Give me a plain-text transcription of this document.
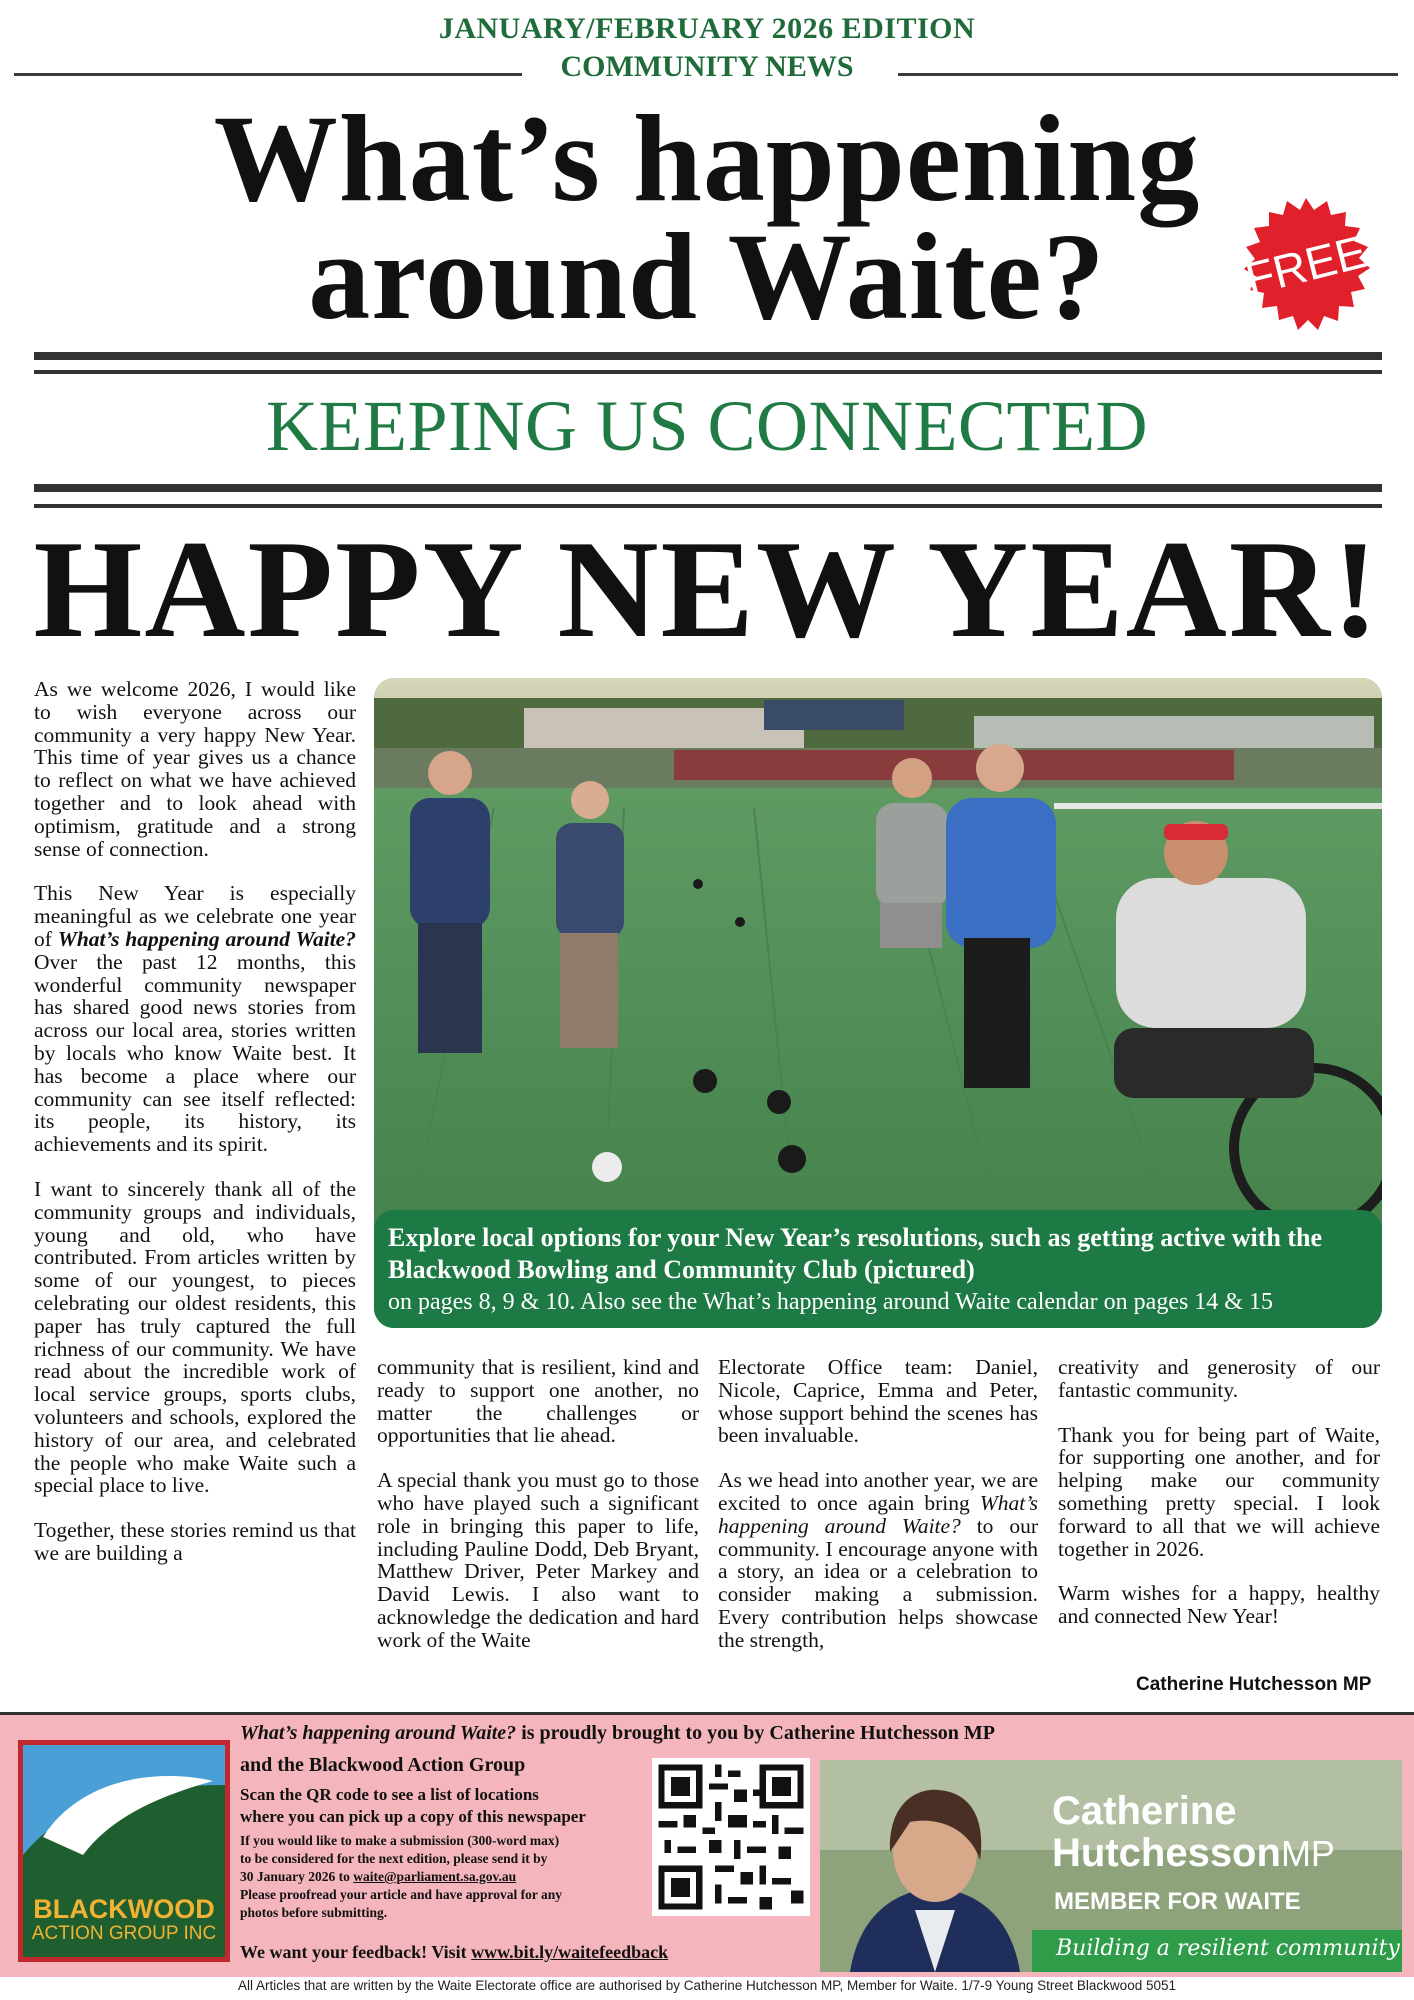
JANUARY/FEBRUARY 2026 EDITION
COMMUNITY NEWS
What’s happening
around Waite?	FREE
KEEPING US CONNECTED
HAPPY NEW YEAR!

As we welcome 2026, I would like to wish everyone across our community a very happy New Year. This time of year gives us a chance to reflect on what we have achieved together and to look ahead with optimism, gratitude and a strong sense of connection.

This New Year is especially meaningful as we celebrate one year of What’s happening around Waite? Over the past 12 months, this wonderful community newspaper has shared good news stories from across our local area, stories written by locals who know Waite best. It has become a place where our community can see itself reflected: its people, its history, its achievements and its spirit.

I want to sincerely thank all of the community groups and individuals, young and old, who have contributed. From articles written by some of our youngest, to pieces celebrating our oldest residents, this paper has truly captured the full richness of our community. We have read about the incredible work of local service groups, sports clubs, volunteers and schools, explored the history of our area, and celebrated the people who make Waite such a special place to live.

Together, these stories remind us that we are building a

Explore local options for your New Year’s resolutions, such as getting active with the Blackwood Bowling and Community Club (pictured)
on pages 8, 9 & 10. Also see the What’s happening around Waite calendar on pages 14 & 15

community that is resilient, kind and ready to support one another, no matter the challenges or opportunities that lie ahead.

A special thank you must go to those who have played such a significant role in bringing this paper to life, including Pauline Dodd, Deb Bryant, Matthew Driver, Peter Markey and David Lewis. I also want to acknowledge the dedication and hard work of the Waite

Electorate Office team: Daniel, Nicole, Caprice, Emma and Peter, whose support behind the scenes has been invaluable.

As we head into another year, we are excited to once again bring What’s happening around Waite? to our community. I encourage anyone with a story, an idea or a celebration to consider making a submission. Every contribution helps showcase the strength,

creativity and generosity of our fantastic community.

Thank you for being part of Waite, for supporting one another, and for helping make our community something pretty special. I look forward to all that we will achieve together in 2026.

Warm wishes for a happy, healthy and connected New Year!

Catherine Hutchesson MP
BLACKWOOD
ACTION GROUP INC
What’s happening around Waite? is proudly brought to you by Catherine Hutchesson MP
and the Blackwood Action Group
Scan the QR code to see a list of locations
where you can pick up a copy of this newspaper
If you would like to make a submission (300-word max)
to be considered for the next edition, please send it by
30 January 2026 to waite@parliament.sa.gov.au
Please proofread your article and have approval for any
photos before submitting.
We want your feedback! Visit www.bit.ly/waitefeedback
Catherine
HutchessonMP
MEMBER FOR WAITE
Building a resilient community
All Articles that are written by the Waite Electorate office are authorised by Catherine Hutchesson MP, Member for Waite. 1/7-9 Young Street Blackwood 5051
